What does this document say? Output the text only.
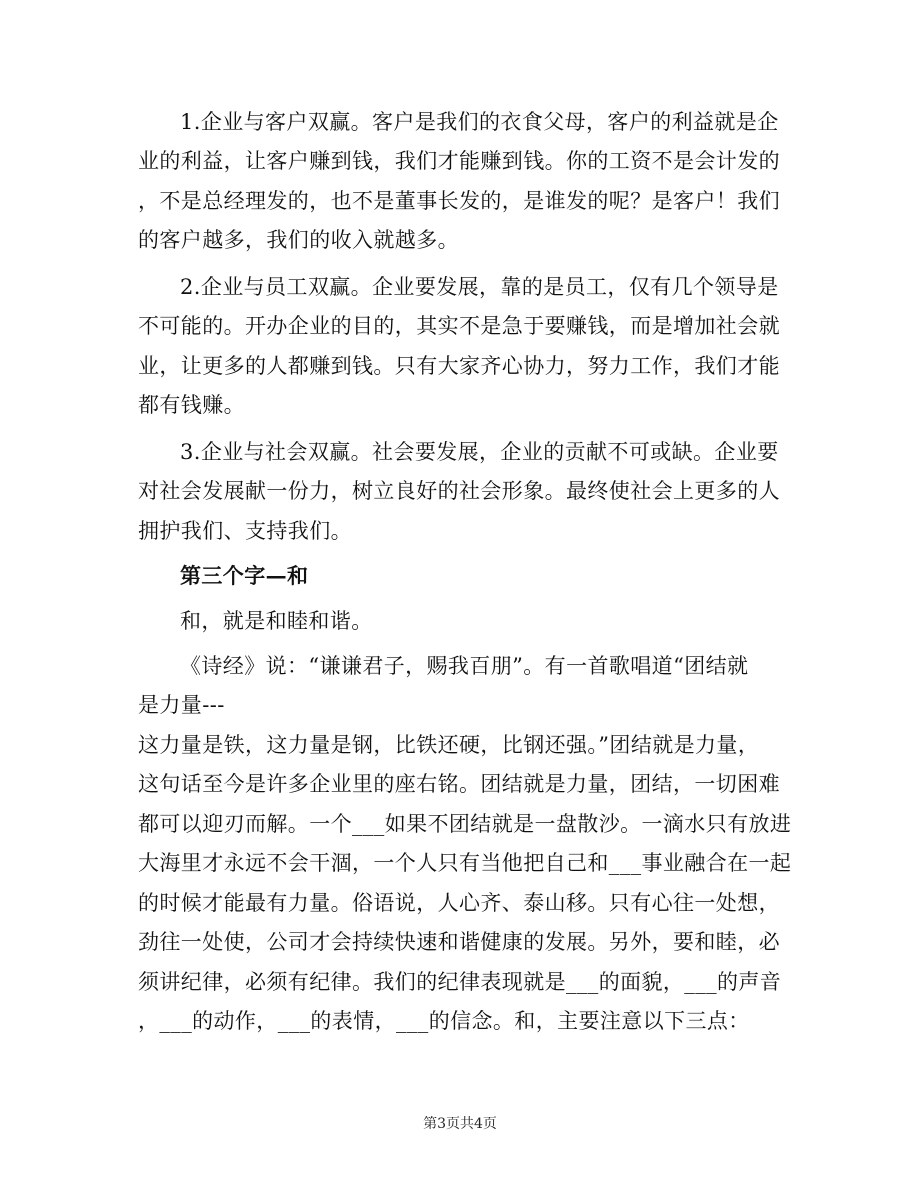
1.企业与客户双赢。客户是我们的衣食父母，客户的利益就是企
业的利益，让客户赚到钱，我们才能赚到钱。你的工资不是会计发的
，不是总经理发的，也不是董事长发的，是谁发的呢？是客户！我们
的客户越多，我们的收入就越多。
2.企业与员工双赢。企业要发展，靠的是员工，仅有几个领导是
不可能的。开办企业的目的，其实不是急于要赚钱，而是增加社会就
业，让更多的人都赚到钱。只有大家齐心协力，努力工作，我们才能
都有钱赚。
3.企业与社会双赢。社会要发展，企业的贡献不可或缺。企业要
对社会发展献一份力，树立良好的社会形象。最终使社会上更多的人
拥护我们、支持我们。
第三个字—和
和，就是和睦和谐。
《诗经》说：“谦谦君子，赐我百朋”。有一首歌唱道“团结就
是力量---
这力量是铁，这力量是钢，比铁还硬，比钢还强。”团结就是力量，
这句话至今是许多企业里的座右铭。团结就是力量，团结，一切困难
都可以迎刃而解。一个___如果不团结就是一盘散沙。一滴水只有放进
大海里才永远不会干涸，一个人只有当他把自己和___事业融合在一起
的时候才能最有力量。俗语说，人心齐、泰山移。只有心往一处想，
劲往一处使，公司才会持续快速和谐健康的发展。另外，要和睦，必
须讲纪律，必须有纪律。我们的纪律表现就是___的面貌，___的声音
，___的动作，___的表情，___的信念。和，主要注意以下三点：
第3页共4页
